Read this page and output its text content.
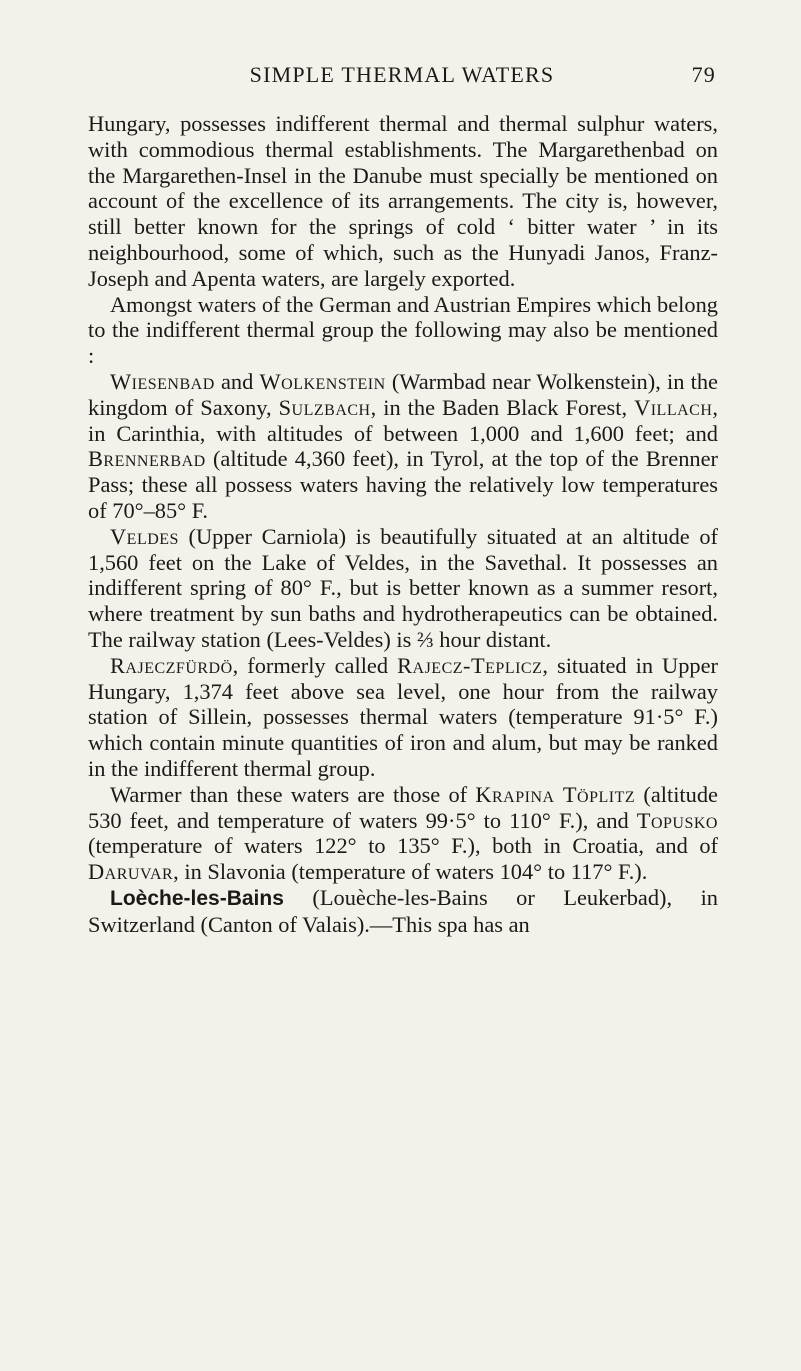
SIMPLE THERMAL WATERS	79

Hungary, possesses indifferent thermal and thermal sulphur waters, with commodious thermal establishments. The Margarethenbad on the Margarethen-Insel in the Danube must specially be mentioned on account of the excellence of its arrangements. The city is, however, still better known for the springs of cold ‘ bitter water ’ in its neighbourhood, some of which, such as the Hunyadi Janos, Franz-Joseph and Apenta waters, are largely exported.

Amongst waters of the German and Austrian Empires which belong to the indifferent thermal group the following may also be mentioned :

Wiesenbad and Wolkenstein (Warmbad near Wolkenstein), in the kingdom of Saxony, Sulzbach, in the Baden Black Forest, Villach, in Carinthia, with altitudes of between 1,000 and 1,600 feet; and Brennerbad (altitude 4,360 feet), in Tyrol, at the top of the Brenner Pass; these all possess waters having the relatively low temperatures of 70°–85° F.

Veldes (Upper Carniola) is beautifully situated at an altitude of 1,560 feet on the Lake of Veldes, in the Savethal. It possesses an indifferent spring of 80° F., but is better known as a summer resort, where treatment by sun baths and hydrotherapeutics can be obtained. The railway station (Lees-Veldes) is ⅔ hour distant.

Rajeczfürdö, formerly called Rajecz-Teplicz, situated in Upper Hungary, 1,374 feet above sea level, one hour from the railway station of Sillein, possesses thermal waters (temperature 91·5° F.) which contain minute quantities of iron and alum, but may be ranked in the indifferent thermal group.

Warmer than these waters are those of Krapina Töplitz (altitude 530 feet, and temperature of waters 99·5° to 110° F.), and Topusko (temperature of waters 122° to 135° F.), both in Croatia, and of Daruvar, in Slavonia (temperature of waters 104° to 117° F.).

Loèche-les-Bains (Louèche-les-Bains or Leukerbad), in Switzerland (Canton of Valais).—This spa has an
